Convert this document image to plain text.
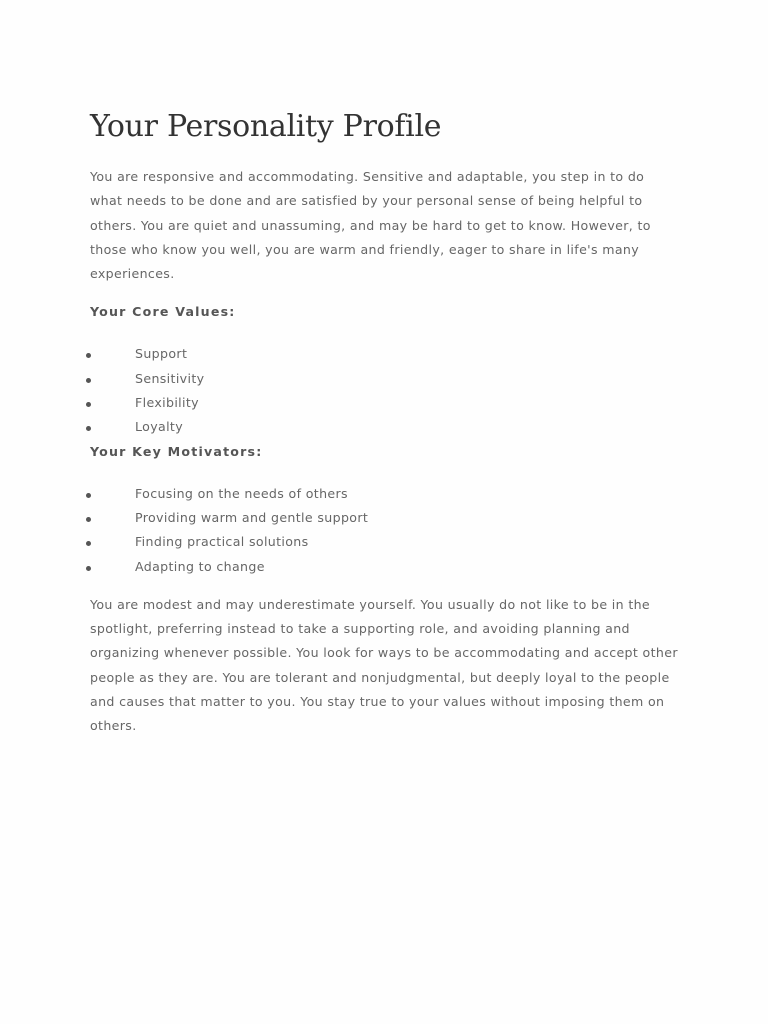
Your Personality Profile

You are responsive and accommodating. Sensitive and adaptable, you step in to do what needs to be done and are satisfied by your personal sense of being helpful to others. You are quiet and unassuming, and may be hard to get to know. However, to those who know you well, you are warm and friendly, eager to share in life's many experiences.

Your Core Values:

Support
Sensitivity
Flexibility
Loyalty

Your Key Motivators:

Focusing on the needs of others
Providing warm and gentle support
Finding practical solutions
Adapting to change

You are modest and may underestimate yourself. You usually do not like to be in the spotlight, preferring instead to take a supporting role, and avoiding planning and organizing whenever possible. You look for ways to be accommodating and accept other people as they are. You are tolerant and nonjudgmental, but deeply loyal to the people and causes that matter to you. You stay true to your values without imposing them on others.
